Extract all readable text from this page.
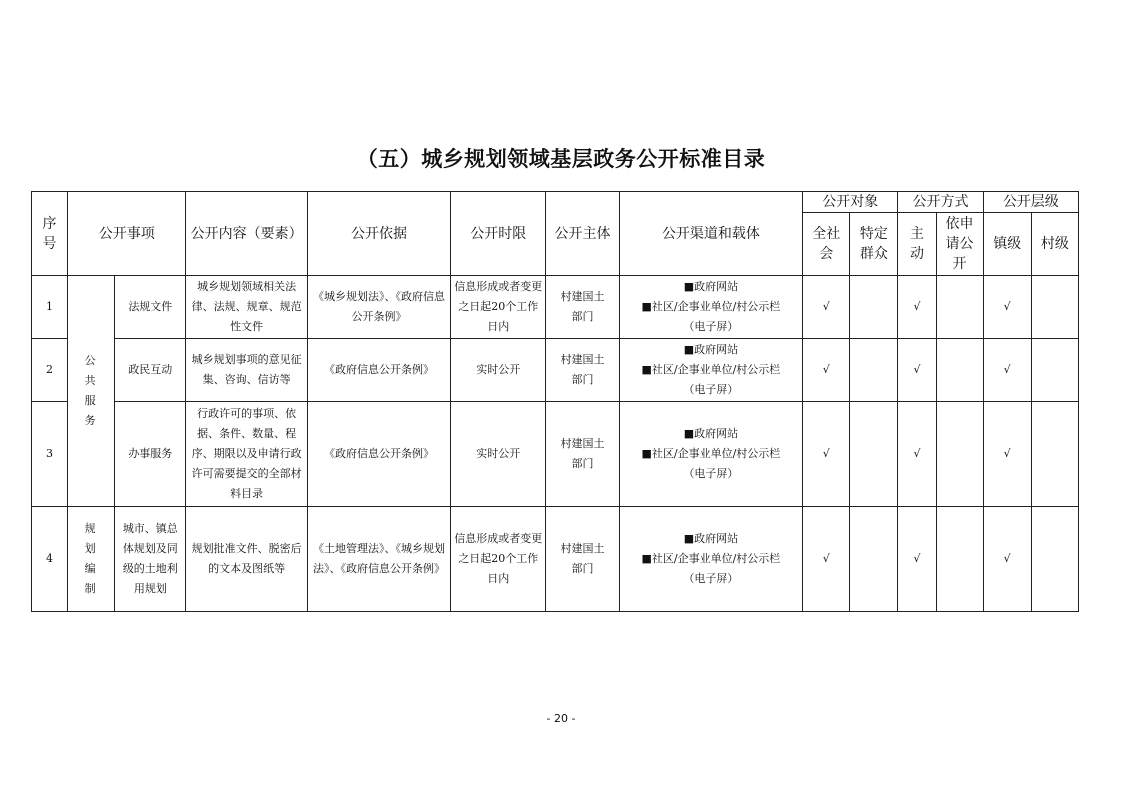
（五）城乡规划领域基层政务公开标准目录
序号	公开事项		公开内容（要素）	公开依据	公开时限	公开主体	公开渠道和载体	公开对象		公开方式		公开层级	

								全社会	特定群众	主动	依申请公开	镇级	村级
1	公共服务	法规文件	城乡规划领域相关法律、法规、规章、规范性文件	《城乡规划法》、《政府信息公开条例》	信息形成或者变更之日起20个工作日内	村建国土部门	■政府网站
■社区/企事业单位/村公示栏
（电子屏）	√		√		√	
2		政民互动	城乡规划事项的意见征集、咨询、信访等	《政府信息公开条例》	实时公开	村建国土部门	■政府网站
■社区/企事业单位/村公示栏
（电子屏）	√		√		√	
3		办事服务	行政许可的事项、依据、条件、数量、程序、期限以及申请行政许可需要提交的全部材料目录	《政府信息公开条例》	实时公开	村建国土部门	■政府网站
■社区/企事业单位/村公示栏
（电子屏）	√		√		√	
4	规划编制	城市、镇总体规划及同级的土地利用规划	规划批准文件、脱密后的文本及图纸等	《土地管理法》、《城乡规划法》、《政府信息公开条例》	信息形成或者变更之日起20个工作日内	村建国土部门	■政府网站
■社区/企事业单位/村公示栏
（电子屏）	√		√		√	
- 20 -
